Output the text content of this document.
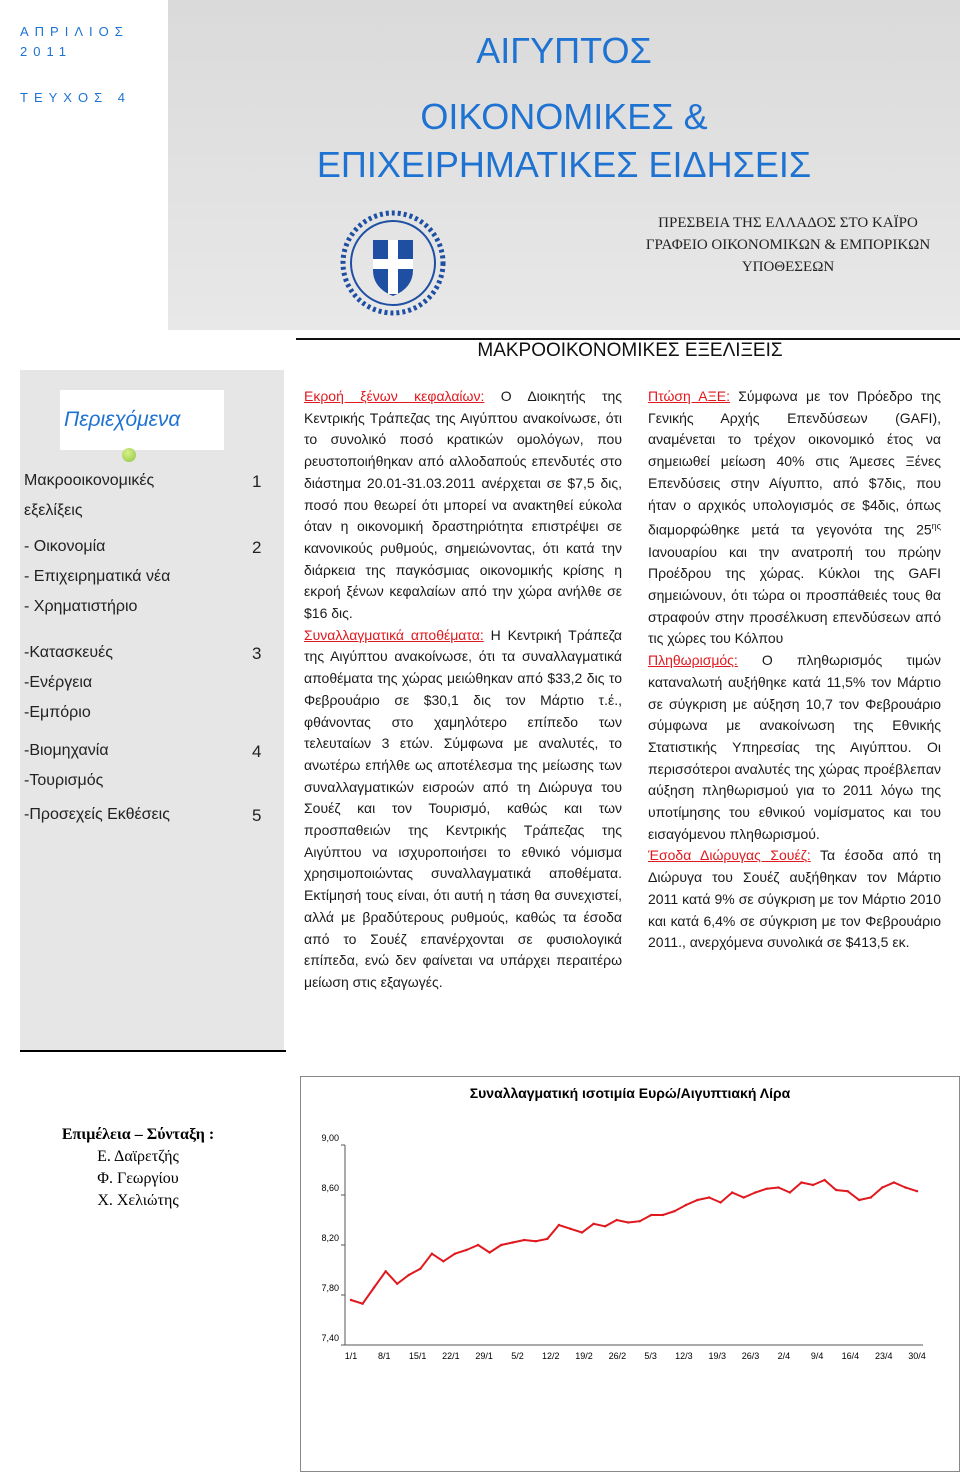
ΑΠΡΙΛΙΟΣ
2011
ΤΕΥΧΟΣ 4
ΑΙΓΥΠΤΟΣ
ΟΙΚΟΝΟΜΙΚΕΣ &
ΕΠΙΧΕΙΡΗΜΑΤΙΚΕΣ ΕΙΔΗΣΕΙΣ
ΠΡΕΣΒΕΙΑ ΤΗΣ ΕΛΛΑΔΟΣ ΣΤΟ ΚΑΪΡΟ
ΓΡΑΦΕΙΟ ΟΙΚΟΝΟΜΙΚΩΝ & ΕΜΠΟΡΙΚΩΝ
ΥΠΟΘΕΣΕΩΝ
Περιεχόμενα
Μακροοικονομικές	1
εξελίξεις
- Οικονομία	2
- Επιχειρηματικά νέα
- Χρηματιστήριο
-Κατασκευές	3
-Ενέργεια
-Εμπόριο
-Βιομηχανία	4
-Τουρισμός
-Προσεχείς Εκθέσεις	5
ΜΑΚΡΟΟΙΚΟΝΟΜΙΚΕΣ ΕΞΕΛΙΞΕΙΣ
Εκροή ξένων κεφαλαίων: Ο Διοικητής της Κεντρικής Τράπεζας της Αιγύπτου ανακοίνωσε, ότι το συνολικό ποσό κρατικών ομολόγων, που ρευστοποιήθηκαν από αλλοδαπούς επενδυτές στο διάστημα 20.01-31.03.2011 ανέρχεται σε $7,5 δις, ποσό που θεωρεί ότι μπορεί να ανακτηθεί εύκολα όταν η οικονομική δραστηριότητα επιστρέψει σε κανονικούς ρυθμούς, σημειώνοντας, ότι κατά την διάρκεια της παγκόσμιας οικονομικής κρίσης η εκροή ξένων κεφαλαίων από την χώρα ανήλθε σε $16 δις.
Συναλλαγματικά αποθέματα: Η Κεντρική Τράπεζα της Αιγύπτου ανακοίνωσε, ότι τα συναλλαγματικά αποθέματα της χώρας μειώθηκαν από $33,2 δις το Φεβρουάριο σε $30,1 δις τον Μάρτιο τ.έ., φθάνοντας στο χαμηλότερο επίπεδο των τελευταίων 3 ετών. Σύμφωνα με αναλυτές, το ανωτέρω επήλθε ως αποτέλεσμα της μείωσης των συναλλαγματικών εισροών από τη Διώρυγα του Σουέζ και τον Τουρισμό, καθώς και των προσπαθειών της Κεντρικής Τράπεζας της Αιγύπτου να ισχυροποιήσει το εθνικό νόμισμα χρησιμοποιώντας συναλλαγματικά αποθέματα. Εκτίμησή τους είναι, ότι αυτή η τάση θα συνεχιστεί, αλλά με βραδύτερους ρυθμούς, καθώς τα έσοδα από το Σουέζ επανέρχονται σε φυσιολογικά επίπεδα, ενώ δεν φαίνεται να υπάρχει περαιτέρω μείωση στις εξαγωγές.
Πτώση ΑΞΕ: Σύμφωνα με τον Πρόεδρο της Γενικής Αρχής Επενδύσεων (GAFI), αναμένεται το τρέχον οικονομικό έτος να σημειωθεί μείωση 40% στις Άμεσες Ξένες Επενδύσεις στην Αίγυπτο, από $7δις, που ήταν ο αρχικός υπολογισμός σε $4δις, όπως διαμορφώθηκε μετά τα γεγονότα της $25^{\eta\varsigma}$ Ιανουαρίου και την ανατροπή του πρώην Προέδρου της χώρας. Κύκλοι της GAFI σημειώνουν, ότι τώρα οι προσπάθειές τους θα στραφούν στην προσέλκυση επενδύσεων από τις χώρες του Κόλπου
Πληθωρισμός: Ο πληθωρισμός τιμών καταναλωτή αυξήθηκε κατά 11,5% τον Μάρτιο σε σύγκριση με αύξηση 10,7 τον Φεβρουάριο σύμφωνα με ανακοίνωση της Εθνικής Στατιστικής Υπηρεσίας της Αιγύπτου. Οι περισσότεροι αναλυτές της χώρας προέβλεπαν αύξηση πληθωρισμού για το 2011 λόγω της υποτίμησης του εθνικού νομίσματος και του εισαγόμενου πληθωρισμού.
Έσοδα Διώρυγας Σουέζ: Τα έσοδα από τη Διώρυγα του Σουέζ αυξήθηκαν τον Μάρτιο 2011 κατά 9% σε σύγκριση με τον Μάρτιο 2010 και κατά 6,4% σε σύγκριση με τον Φεβρουάριο 2011., ανερχόμενα συνολικά σε $413,5 εκ.
Επιμέλεια – Σύνταξη :
Ε. Δαϊρετζής
Φ. Γεωργίου
Χ. Χελιώτης
Συναλλαγματική ισοτιμία Ευρώ/Αιγυπτιακή Λίρα
9,00
8,60
8,20
7,80
7,40
1/1 8/1 15/1 22/1 29/1 5/2 12/2 19/2 26/2 5/3 12/3 19/3 26/3 2/4 9/4 16/4 23/4 30/4
